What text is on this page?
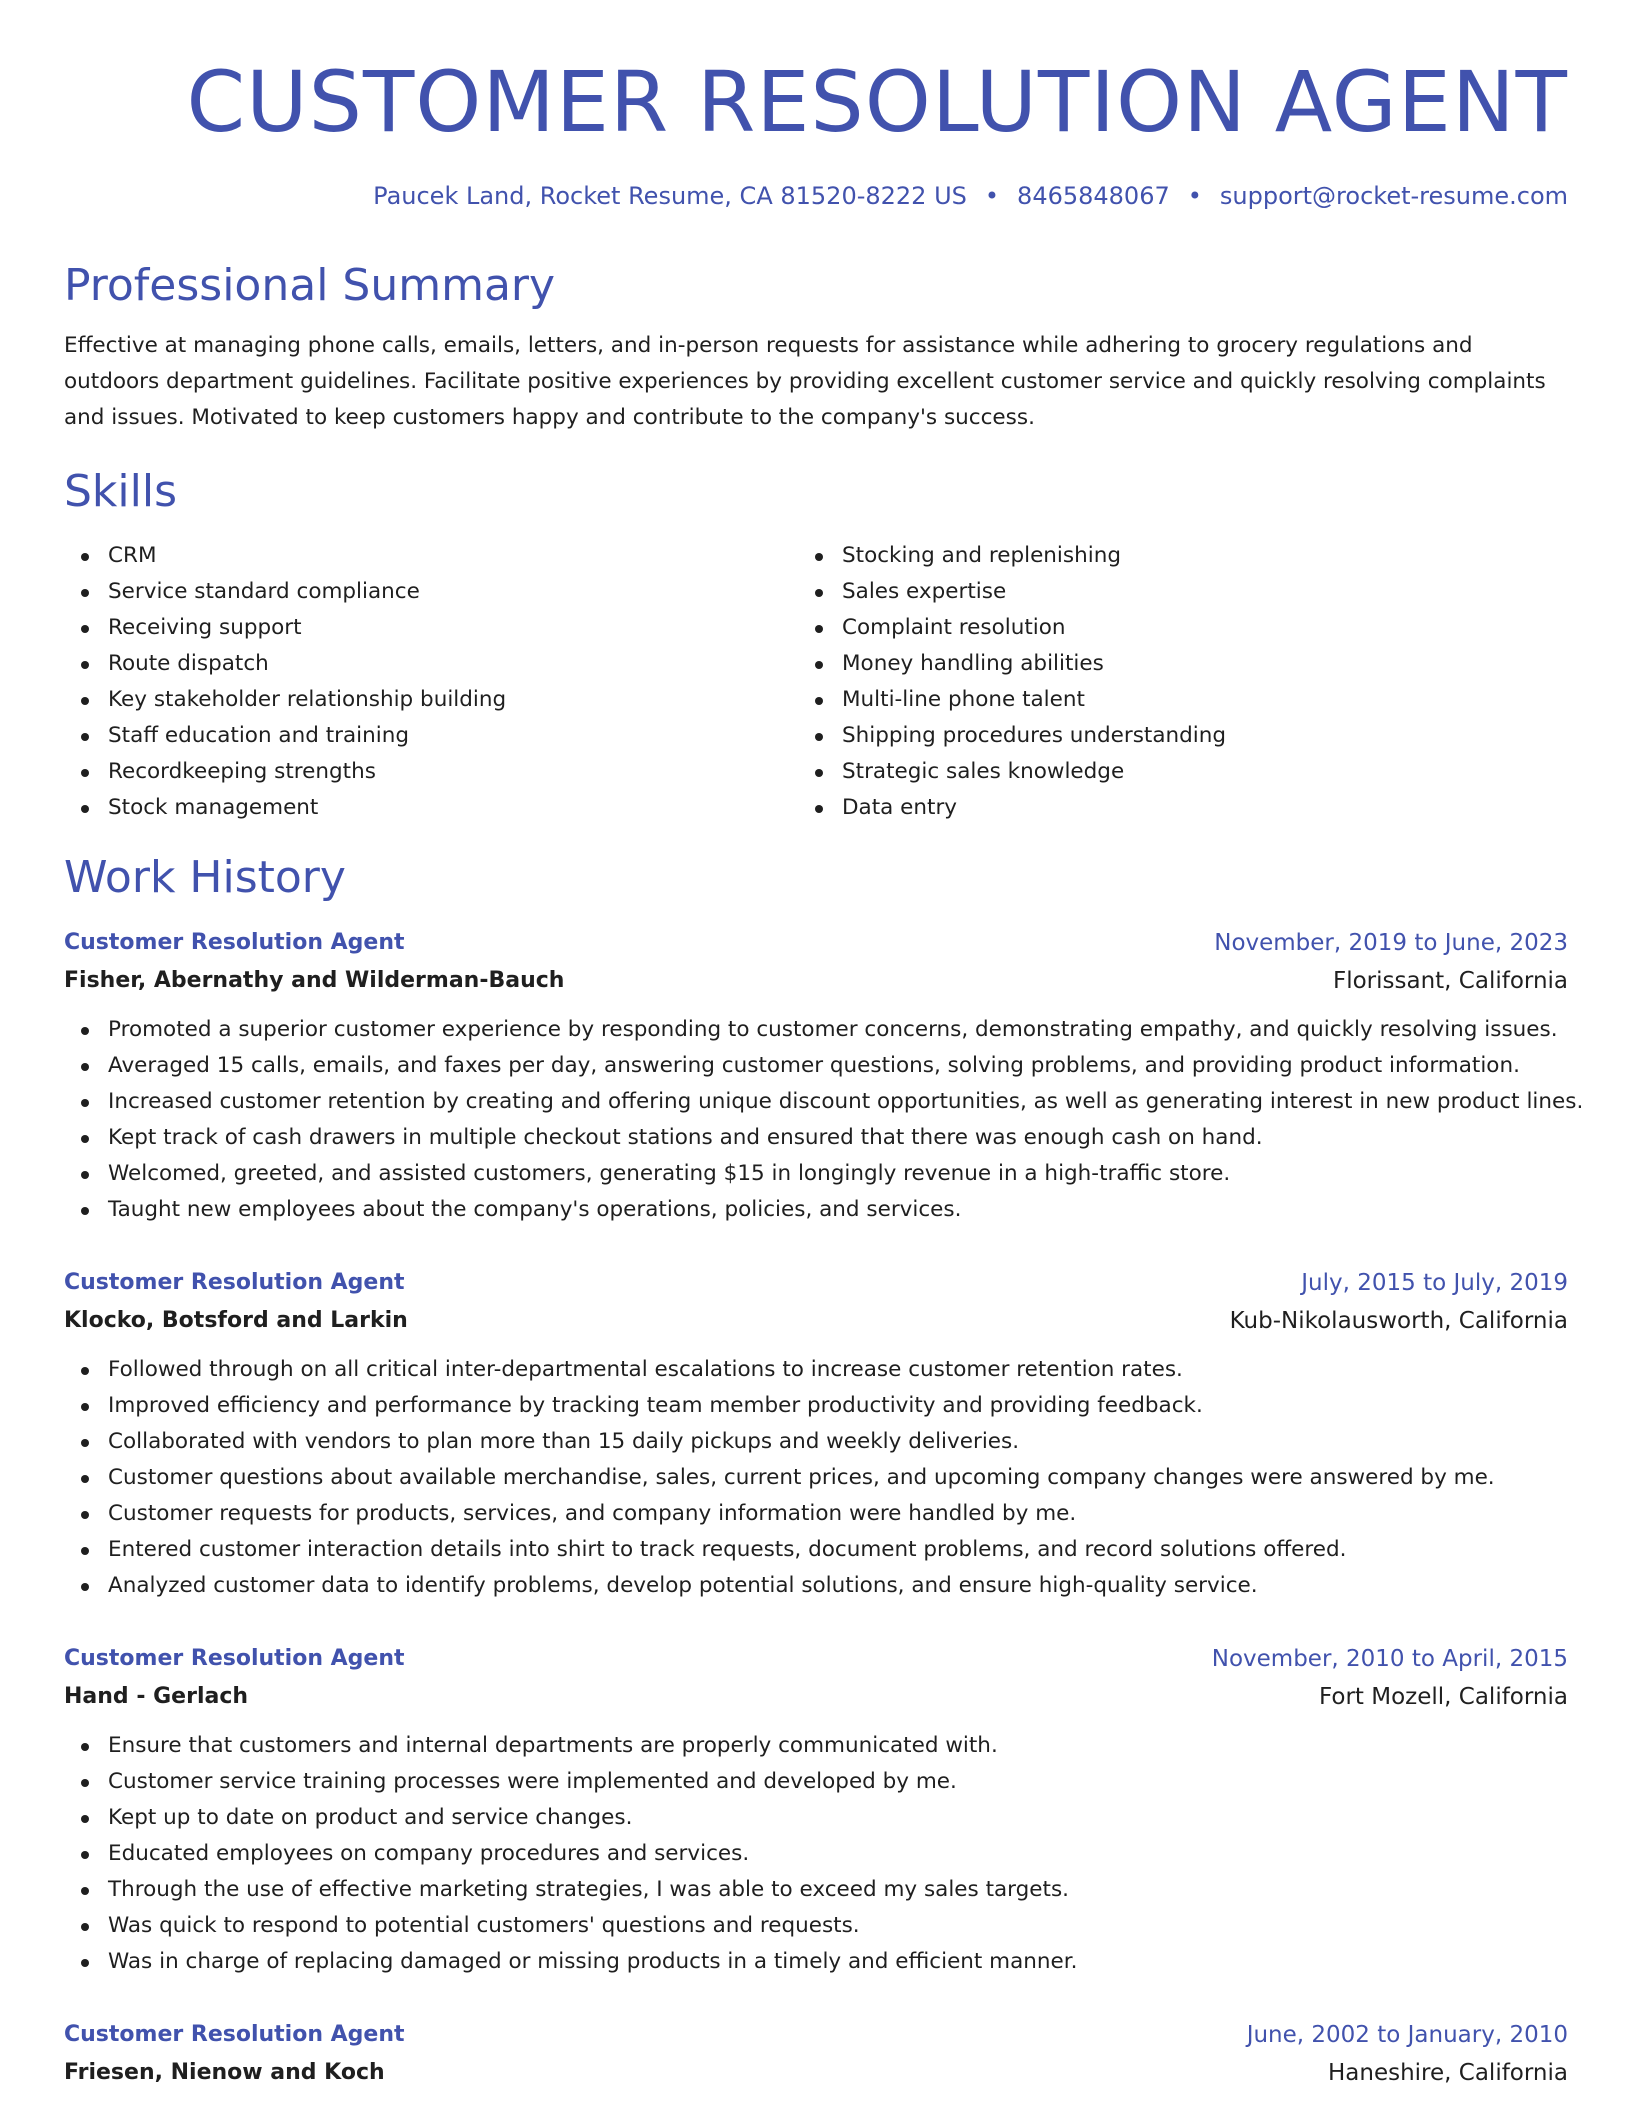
CUSTOMER RESOLUTION AGENT
Paucek Land, Rocket Resume, CA 81520-8222 US • 8465848067 • support@rocket-resume.com
Professional Summary

Effective at managing phone calls, emails, letters, and in-person requests for assistance while adhering to grocery regulations and outdoors department guidelines. Facilitate positive experiences by providing excellent customer service and quickly resolving complaints and issues. Motivated to keep customers happy and contribute to the company's success.

Skills
CRM
Service standard compliance
Receiving support
Route dispatch
Key stakeholder relationship building
Staff education and training
Recordkeeping strengths
Stock management
Stocking and replenishing
Sales expertise
Complaint resolution
Money handling abilities
Multi-line phone talent
Shipping procedures understanding
Strategic sales knowledge
Data entry
Work History
Customer Resolution Agent	November, 2019 to June, 2023
Fisher, Abernathy and Wilderman-Bauch	Florissant, California
Promoted a superior customer experience by responding to customer concerns, demonstrating empathy, and quickly resolving issues.
Averaged 15 calls, emails, and faxes per day, answering customer questions, solving problems, and providing product information.
Increased customer retention by creating and offering unique discount opportunities, as well as generating interest in new product lines.
Kept track of cash drawers in multiple checkout stations and ensured that there was enough cash on hand.
Welcomed, greeted, and assisted customers, generating $15 in longingly revenue in a high-traffic store.
Taught new employees about the company's operations, policies, and services.
Customer Resolution Agent	July, 2015 to July, 2019
Klocko, Botsford and Larkin	Kub-Nikolausworth, California
Followed through on all critical inter-departmental escalations to increase customer retention rates.
Improved efficiency and performance by tracking team member productivity and providing feedback.
Collaborated with vendors to plan more than 15 daily pickups and weekly deliveries.
Customer questions about available merchandise, sales, current prices, and upcoming company changes were answered by me.
Customer requests for products, services, and company information were handled by me.
Entered customer interaction details into shirt to track requests, document problems, and record solutions offered.
Analyzed customer data to identify problems, develop potential solutions, and ensure high-quality service.
Customer Resolution Agent	November, 2010 to April, 2015
Hand - Gerlach	Fort Mozell, California
Ensure that customers and internal departments are properly communicated with.
Customer service training processes were implemented and developed by me.
Kept up to date on product and service changes.
Educated employees on company procedures and services.
Through the use of effective marketing strategies, I was able to exceed my sales targets.
Was quick to respond to potential customers' questions and requests.
Was in charge of replacing damaged or missing products in a timely and efficient manner.
Customer Resolution Agent	June, 2002 to January, 2010
Friesen, Nienow and Koch	Haneshire, California
